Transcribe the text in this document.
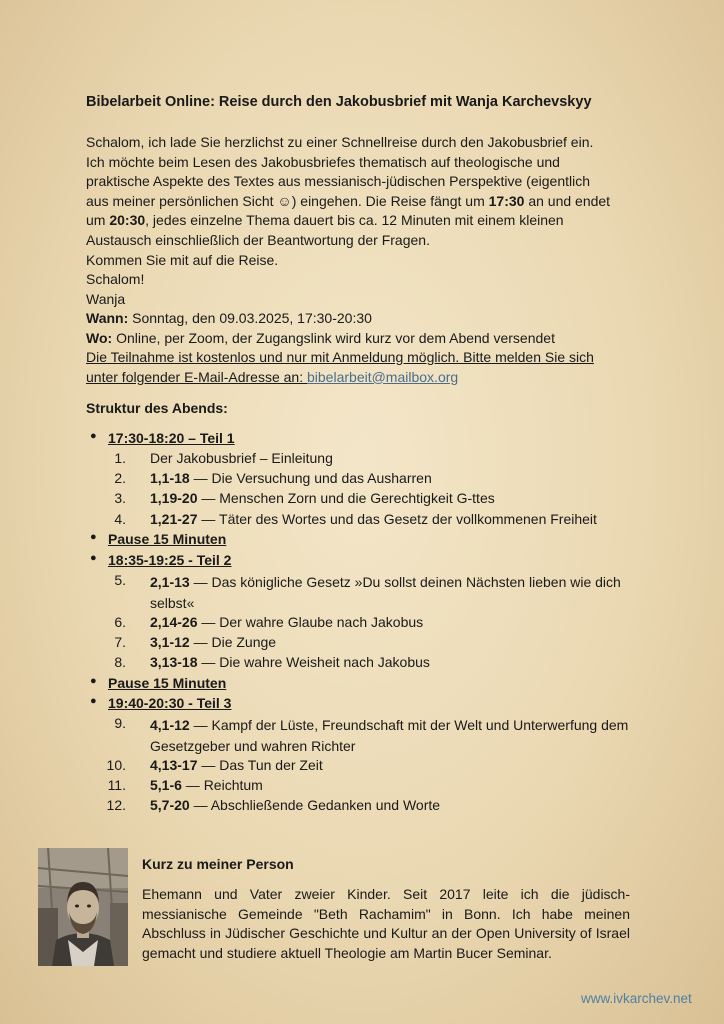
Bibelarbeit Online: Reise durch den Jakobusbrief mit Wanja Karchevskyy

Schalom, ich lade Sie herzlichst zu einer Schnellreise durch den Jakobusbrief ein.

Ich möchte beim Lesen des Jakobusbriefes thematisch auf theologische und

praktische Aspekte des Textes aus messianisch-jüdischen Perspektive (eigentlich

aus meiner persönlichen Sicht ☺) eingehen. Die Reise fängt um 17:30 an und endet

um 20:30, jedes einzelne Thema dauert bis ca. 12 Minuten mit einem kleinen

Austausch einschließlich der Beantwortung der Fragen.

Kommen Sie mit auf die Reise.

Schalom!

Wanja

Wann: Sonntag, den 09.03.2025, 17:30-20:30

Wo: Online, per Zoom, der Zugangslink wird kurz vor dem Abend versendet

Die Teilnahme ist kostenlos und nur mit Anmeldung möglich. Bitte melden Sie sich

unter folgender E-Mail-Adresse an: bibelarbeit@mailbox.org

Struktur des Abends:
● 17:30-18:20 – Teil 1
1. Der Jakobusbrief – Einleitung
2. 1,1-18 — Die Versuchung und das Ausharren
3. 1,19-20 — Menschen Zorn und die Gerechtigkeit G-ttes
4. 1,21-27 — Täter des Wortes und das Gesetz der vollkommenen Freiheit
● Pause 15 Minuten
● 18:35-19:25 - Teil 2
5. 2,1-13 — Das königliche Gesetz »Du sollst deinen Nächsten lieben wie dich selbst«
6. 2,14-26 — Der wahre Glaube nach Jakobus
7. 3,1-12 — Die Zunge
8. 3,13-18 — Die wahre Weisheit nach Jakobus
● Pause 15 Minuten
● 19:40-20:30 - Teil 3
9. 4,1-12 — Kampf der Lüste, Freundschaft mit der Welt und Unterwerfung dem Gesetzgeber und wahren Richter
10. 4,13-17 — Das Tun der Zeit
11. 5,1-6 — Reichtum
12. 5,7-20 — Abschließende Gedanken und Worte
Kurz zu meiner Person
Ehemann und Vater zweier Kinder. Seit 2017 leite ich die jüdisch-messianische Gemeinde "Beth Rachamim" in Bonn. Ich habe meinen Abschluss in Jüdischer Geschichte und Kultur an der Open University of Israel gemacht und studiere aktuell Theologie am Martin Bucer Seminar.
www.ivkarchev.net
